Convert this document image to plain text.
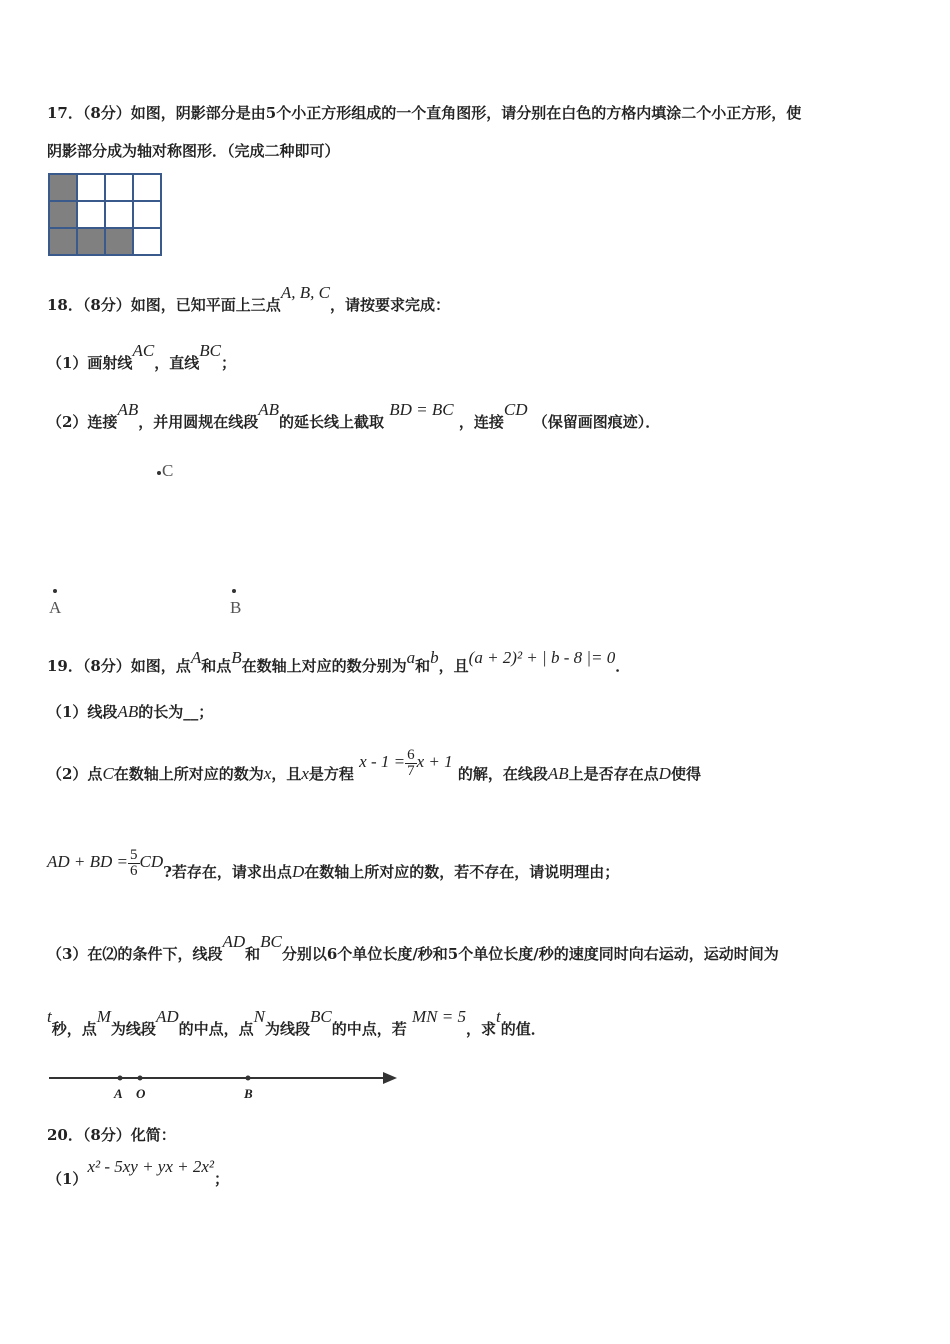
17．（8分）如图，阴影部分是由5个小正方形组成的一个直角图形，请分别在白色的方格内填涂二个小正方形，使
阴影部分成为轴对称图形．（完成二种即可）

18．（8分）如图，已知平面上三点A, B, C，请按要求完成：
（1）画射线AC，直线BC；
（2）连接AB，并用圆规在线段AB的延长线上截取 BD = BC ，连接CD （保留画图痕迹）．
C
A	B
19．（8分）如图，点A和点B在数轴上对应的数分别为a和b，且(a + 2)² + | b - 8 |= 0．
（1）线段AB的长为__；
（2）点C在数轴上所对应的数为x，且x是方程 $x - 1 = \frac{6}{7}$ x + 1 的解，在线段AB上是否存在点D使得
AD + BD = $\frac{5}{6}$ CD?若存在，请求出点D在数轴上所对应的数，若不存在，请说明理由；
（3）在⑵的条件下，线段AD和BC分别以6个单位长度/秒和5个单位长度/秒的速度同时向右运动，运动时间为
t秒，点M为线段AD的中点，点N为线段BC的中点，若 MN = 5，求t的值．
A O	B
20．（8分）化简：
（1）x² - 5xy + yx + 2x²；
